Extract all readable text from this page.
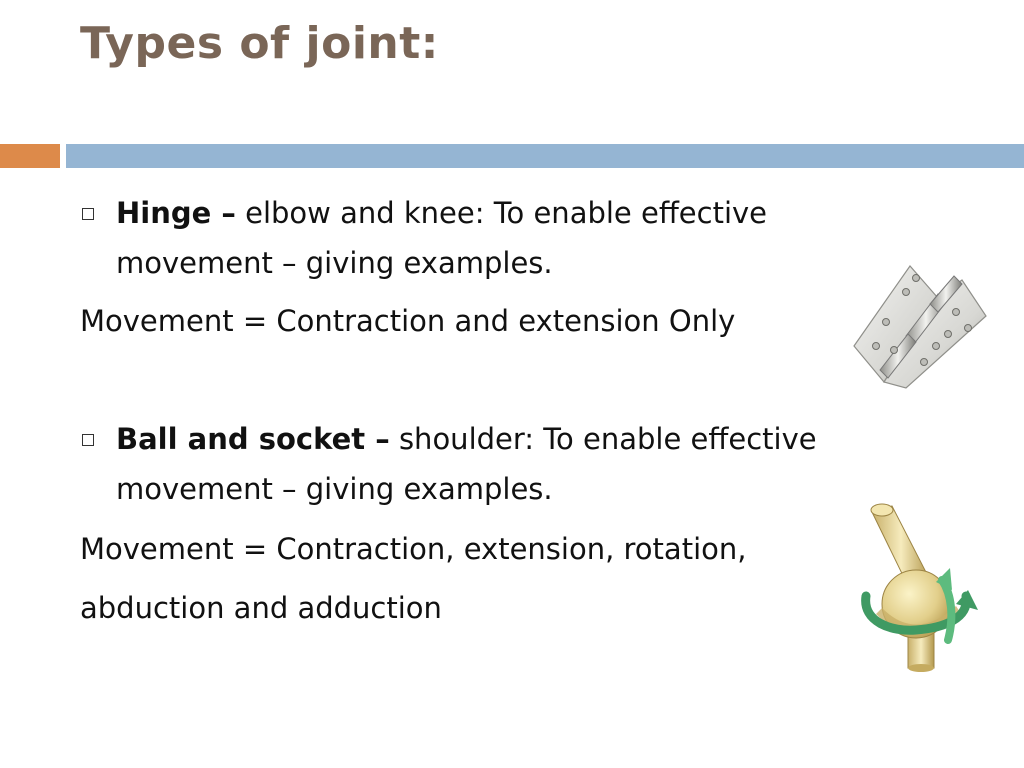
Types of joint:
Hinge – elbow and knee: To enable effective
movement – giving examples.
Movement = Contraction and extension Only
Ball and socket – shoulder: To enable effective
movement – giving examples.
Movement = Contraction, extension, rotation,
abduction and adduction
